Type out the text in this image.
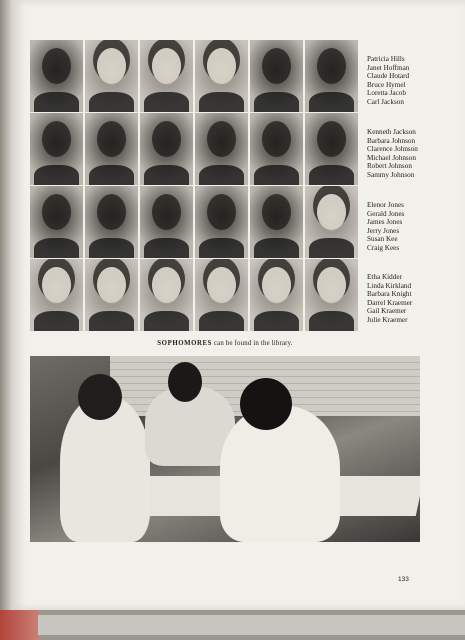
Patricia Hills
Janet Hoffman
Claude Hotard
Bruce Hymel
Loretta Jacob
Carl Jackson
Kenneth Jackson
Barbara Johnson
Clarence Johnson
Michael Johnson
Robert Johnson
Sammy Johnson
Elenor Jones
Gerald Jones
James Jones
Jerry Jones
Susan Kee
Craig Kees
Etha Kidder
Linda Kirkland
Barbara Knight
Darrel Kraemer
Gail Kraemer
Julie Kraemer
SOPHOMORES can be found in the library.
133
